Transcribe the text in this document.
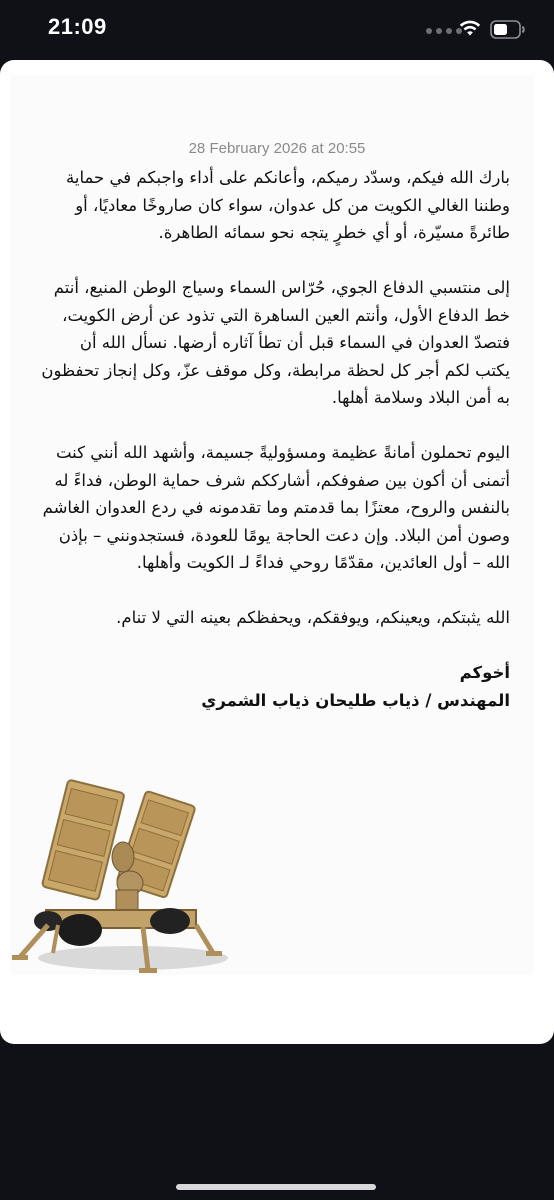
21:09
28 February 2026 at 20:55

بارك الله فيكم، وسدّد رميكم، وأعانكم على أداء واجبكم في حماية وطننا الغالي الكويت من كل عدوان، سواء كان صاروخًا معاديًا، أو طائرةً مسيّرة، أو أي خطرٍ يتجه نحو سمائه الطاهرة.

إلى منتسبي الدفاع الجوي، حُرّاس السماء وسياج الوطن المنيع، أنتم خط الدفاع الأول، وأنتم العين الساهرة التي تذود عن أرض الكويت، فتصدّ العدوان في السماء قبل أن تطأ آثاره أرضها. نسأل الله أن يكتب لكم أجر كل لحظة مرابطة، وكل موقف عزّ، وكل إنجاز تحفظون به أمن البلاد وسلامة أهلها.

اليوم تحملون أمانةً عظيمة ومسؤوليةً جسيمة، وأشهد الله أنني كنت أتمنى أن أكون بين صفوفكم، أشارككم شرف حماية الوطن، فداءً له بالنفس والروح، معتزًا بما قدمتم وما تقدمونه في ردع العدوان الغاشم وصون أمن البلاد. وإن دعت الحاجة يومًا للعودة، فستجدونني – بإذن الله – أول العائدين، مقدّمًا روحي فداءً لـ الكويت وأهلها.

الله يثبتكم، ويعينكم، ويوفقكم، ويحفظكم بعينه التي لا تنام.

أخوكم
المهندس / ذياب طليحان ذياب الشمري
